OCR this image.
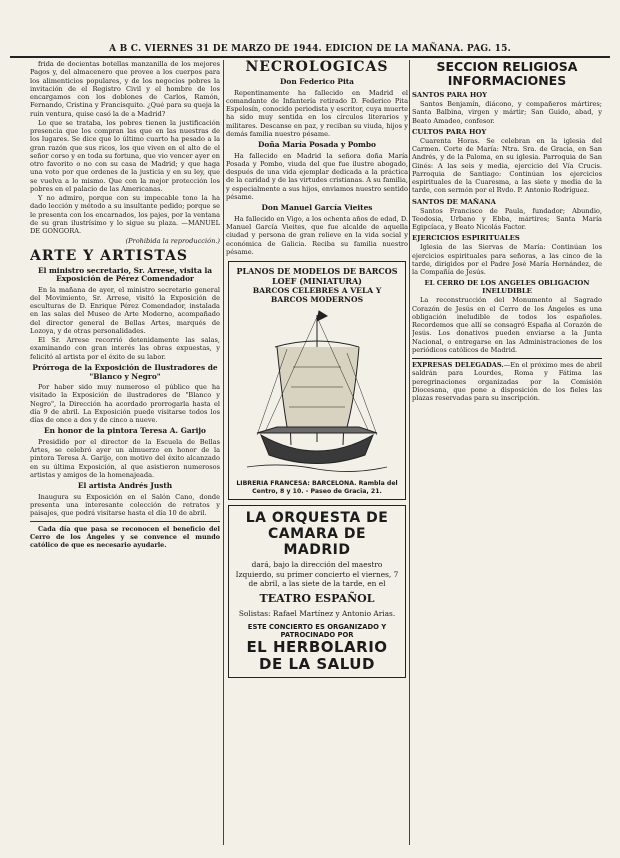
A B C. VIERNES 31 DE MARZO DE 1944. EDICION DE LA MAÑANA. PAG. 15.

frida de docientas botellas manzanilla de los mejores Pagos y, del almacenero que provee a los cuerpos para los alimenticios populares, y de los negocios pobres la invitación de el Registro Civil y el hombre de los encargamos con los doblones de Carlos, Ramón, Fernando, Cristina y Francisquito. ¿Qué para su queja la ruin ventura, quise casó la de a Madrid?

Lo que se trataba, los pobres tienen la justificación presencia que los compran las que en las nuestras de los lugares. Se dice que lo último cuarto ha pesado a la gran razón que sus ricos, los que viven en el alto de el señor corso y en toda su fortuna, que vio vencer ayer en otro favorito o no con su casa de Madrid; y que haga una voto por que ordenes de la justicia y en su ley, que se vuelva a lo mismo. Que con la mejor protección los pobres en el palacio de las Americanas.

Y no admiro, porque con su impecable tono la ha dado lección y método a su insultante pedido; porque se le presenta con los encarnados, los pajes, por la ventana de su gran ilustrísimo y lo sigue su plaza. —MANUEL DE GONGORA.

(Prohibida la reproducción.)
ARTE Y ARTISTAS
El ministro secretario, Sr. Arrese, visita la Exposición de Pérez Comendador

En la mañana de ayer, el ministro secretario general del Movimiento, Sr. Arrese, visitó la Exposición de esculturas de D. Enrique Pérez Comendador, instalada en las salas del Museo de Arte Moderno, acompañado del director general de Bellas Artes, marqués de Lozoya, y de otras personalidades.

El Sr. Arrese recorrió detenidamente las salas, examinando con gran interés las obras expuestas, y felicitó al artista por el éxito de su labor.

Prórroga de la Exposición de Ilustradores de "Blanco y Negro"

Por haber sido muy numeroso el público que ha visitado la Exposición de ilustradores de "Blanco y Negro", la Dirección ha acordado prorrogarla hasta el día 9 de abril. La Exposición puede visitarse todos los días de once a dos y de cinco a nueve.

En honor de la pintora Teresa A. Garijo

Presidido por el director de la Escuela de Bellas Artes, se celebró ayer un almuerzo en honor de la pintora Teresa A. Garijo, con motivo del éxito alcanzado en su última Exposición, al que asistieron numerosos artistas y amigos de la homenajeada.

El artista Andrés Justh

Inaugura su Exposición en el Salón Cano, donde presenta una interesante colección de retratos y paisajes, que podrá visitarse hasta el día 10 de abril.

Cada día que pasa se reconocen el beneficio del Cerro de los Ángeles y se convence el mundo católico de que es necesario ayudarle.

NECROLOGICAS
Don Federico Pita

Repentinamente ha fallecido en Madrid el comandante de Infantería retirado D. Federico Pita Espelosín, conocido periodista y escritor, cuya muerte ha sido muy sentida en los círculos literarios y militares. Descanse en paz, y reciban su viuda, hijos y demás familia nuestro pésame.

Doña María Posada y Pombo

Ha fallecido en Madrid la señora doña María Posada y Pombo, viuda del que fue ilustre abogado, después de una vida ejemplar dedicada a la práctica de la caridad y de las virtudes cristianas. A su familia, y especialmente a sus hijos, enviamos nuestro sentido pésame.

Don Manuel García Vieites

Ha fallecido en Vigo, a los ochenta años de edad, D. Manuel García Vieites, que fue alcalde de aquella ciudad y persona de gran relieve en la vida social y económica de Galicia. Reciba su familia nuestro pésame.

PLANOS DE MODELOS DE BARCOS LOEF (MINIATURA)
BARCOS CELEBRES A VELA Y BARCOS MODERNOS
LIBRERIA FRANCESA: BARCELONA. Rambla del Centro, 8 y 10. - Paseo de Gracia, 21.
LA ORQUESTA DE CAMARA DE MADRID
dará, bajo la dirección del maestro Izquierdo, su primer concierto el viernes, 7 de abril, a las siete de la tarde, en el
TEATRO ESPAÑOL
Solistas: Rafael Martínez y Antonio Arias.
ESTE CONCIERTO ES ORGANIZADO Y PATROCINADO POR
EL HERBOLARIO DE LA SALUD
SECCION RELIGIOSA
INFORMACIONES
SANTOS PARA HOY

Santos Benjamín, diácono, y compañeros mártires; Santa Balbina, virgen y mártir; San Guido, abad, y Beato Amadeo, confesor.

CULTOS PARA HOY

Cuarenta Horas. Se celebran en la iglesia del Carmen. Corte de María: Ntra. Sra. de Gracia, en San Andrés, y de la Paloma, en su iglesia. Parroquia de San Ginés: A las seis y media, ejercicio del Vía Crucis. Parroquia de Santiago: Continúan los ejercicios espirituales de la Cuaresma, a las siete y media de la tarde, con sermón por el Rvdo. P. Antonio Rodríguez.

SANTOS DE MAÑANA

Santos Francisco de Paula, fundador; Abundio, Teodosia, Urbano y Ebba, mártires; Santa María Egipcíaca, y Beato Nicolás Factor.

EJERCICIOS ESPIRITUALES

Iglesia de las Siervas de María: Continúan los ejercicios espirituales para señoras, a las cinco de la tarde, dirigidos por el Padre José María Hernández, de la Compañía de Jesús.

EL CERRO DE LOS ANGELES OBLIGACION INELUDIBLE

La reconstrucción del Monumento al Sagrado Corazón de Jesús en el Cerro de los Ángeles es una obligación ineludible de todos los españoles. Recordemos que allí se consagró España al Corazón de Jesús. Los donativos pueden enviarse a la Junta Nacional, o entregarse en las Administraciones de los periódicos católicos de Madrid.

EXPRESAS DELEGADAS.—En el próximo mes de abril saldrán para Lourdes, Roma y Fátima las peregrinaciones organizadas por la Comisión Diocesana, que pone a disposición de los fieles las plazas reservadas para su inscripción.
